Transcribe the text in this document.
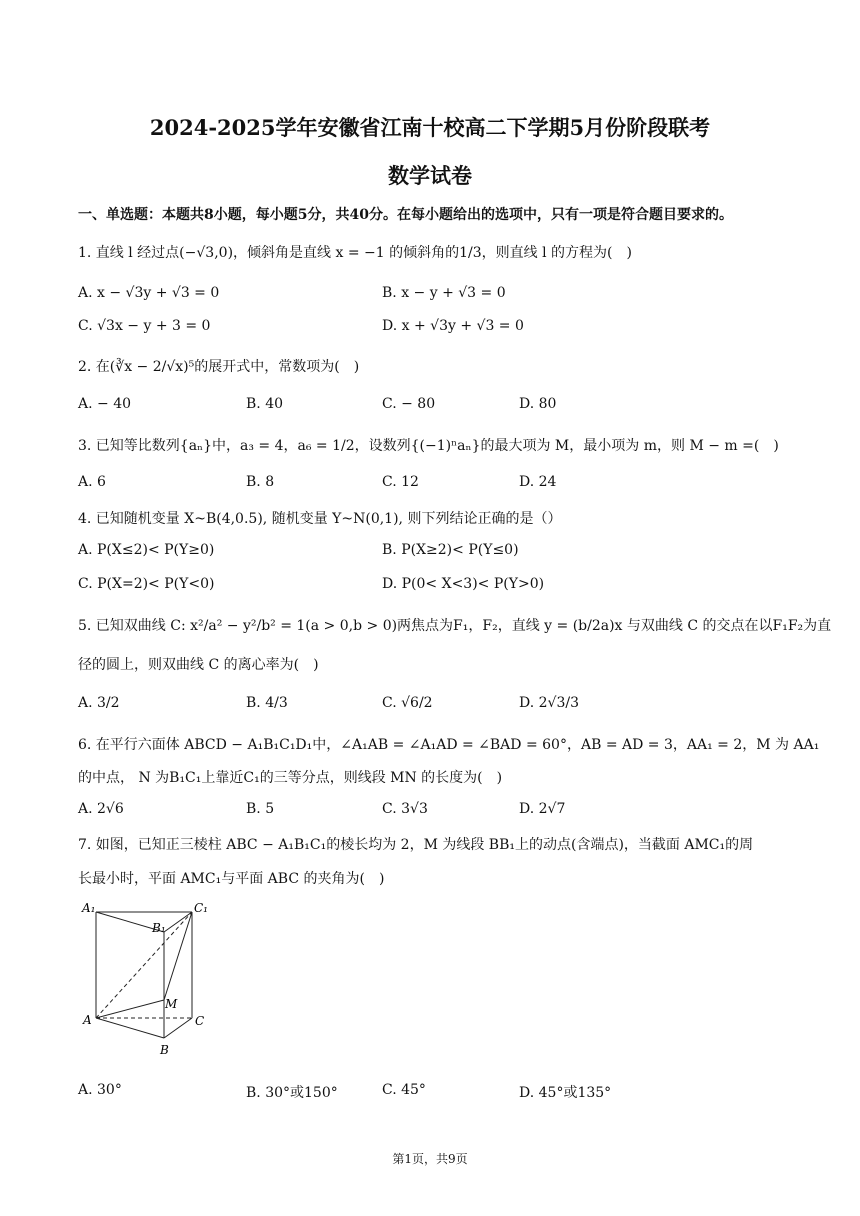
2024-2025学年安徽省江南十校高二下学期5月份阶段联考
数学试卷
一、单选题：本题共8小题，每小题5分，共40分。在每小题给出的选项中，只有一项是符合题目要求的。
1. 直线 l 经过点(−√3,0)，倾斜角是直线 x = −1 的倾斜角的1/3，则直线 l 的方程为(　)
A. x − √3y + √3 = 0	B. x − y + √3 = 0
C. √3x − y + 3 = 0	D. x + √3y + √3 = 0
2. 在(∛x − 2/√x)⁵的展开式中，常数项为(　)
A. − 40	B. 40	C. − 80	D. 80
3. 已知等比数列{aₙ}中，a₃ = 4，a₆ = 1/2，设数列{(−1)ⁿaₙ}的最大项为 M，最小项为 m，则 M − m =(　)
A. 6	B. 8	C. 12	D. 24
4. 已知随机变量 X~B(4,0.5), 随机变量 Y~N(0,1), 则下列结论正确的是（）
A. P(X≤2)< P(Y≥0)	B. P(X≥2)< P(Y≤0)
C. P(X=2)< P(Y<0)	D. P(0< X<3)< P(Y>0)
5. 已知双曲线 C: x²/a² − y²/b² = 1(a > 0,b > 0)两焦点为F₁，F₂，直线 y = (b/2a)x 与双曲线 C 的交点在以F₁F₂为直
径的圆上，则双曲线 C 的离心率为(　)
A. 3/2	B. 4/3	C. √6/2	D. 2√3/3
6. 在平行六面体 ABCD − A₁B₁C₁D₁中，∠A₁AB = ∠A₁AD = ∠BAD = 60°，AB = AD = 3，AA₁ = 2，M 为 AA₁
的中点， N 为B₁C₁上靠近C₁的三等分点，则线段 MN 的长度为(　)
A. 2√6	B. 5	C. 3√3	D. 2√7
7. 如图，已知正三棱柱 ABC − A₁B₁C₁的棱长均为 2，M 为线段 BB₁上的动点(含端点)，当截面 AMC₁的周
长最小时，平面 AMC₁与平面 ABC 的夹角为(　)
A₁	C₁
B₁
M
A	C
B
A. 30°	B. 30°或150°	C. 45°	D. 45°或135°
第1页，共9页
